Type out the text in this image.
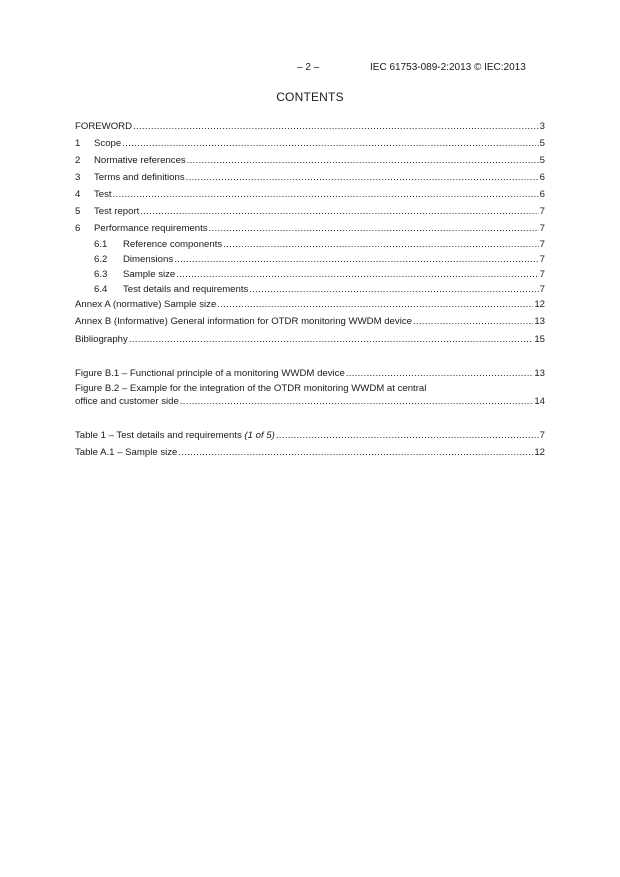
– 2 –	IEC 61753-089-2:2013 © IEC:2013
CONTENTS
FOREWORD .....	3
1	Scope .....	5
2	Normative references .....	5
3	Terms and definitions .....	6
4	Test .....	6
5	Test report .....	7
6	Performance requirements .....	7
6.1	Reference components .....	7
6.2	Dimensions .....	7
6.3	Sample size .....	7
6.4	Test details and requirements .....	7
Annex A (normative) Sample size .....	12
Annex B (Informative) General information for OTDR monitoring WWDM device .....	13
Bibliography .....	15
Figure B.1 – Functional principle of a monitoring WWDM device .....	13
Figure B.2 – Example for the integration of the OTDR monitoring WWDM at central
office and customer side .....	14
Table 1 – Test details and requirements (1 of 5) .....	7
Table A.1 – Sample size .....	12
